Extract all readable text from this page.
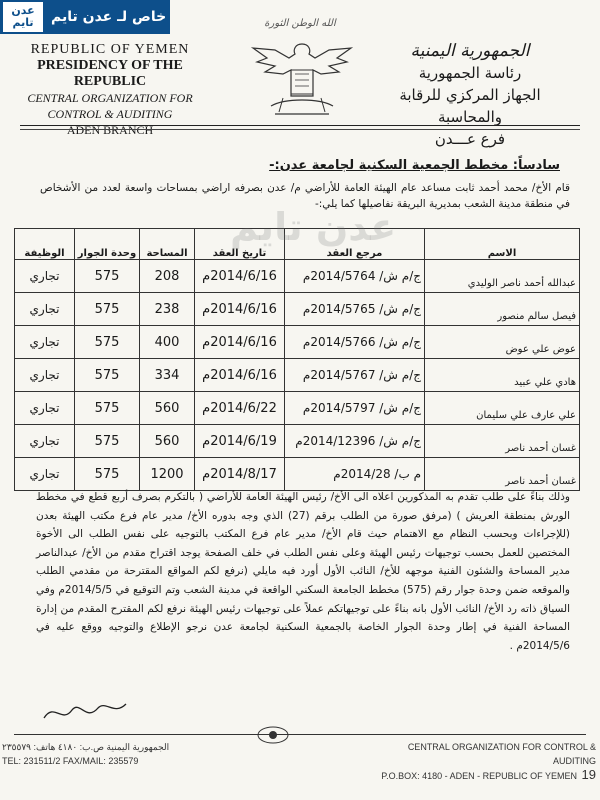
عدن
تايم خاص لـ عدن تايم	الله الوطن الثورة
REPUBLIC OF YEMEN
PRESIDENCY OF THE REPUBLIC
CENTRAL ORGANIZATION FOR
CONTROL & AUDITING
ADEN BRANCH
الجمهورية اليمنية
رئاسة الجمهورية
الجهاز المركزي للرقابة والمحاسبة
فرع عـــدن
سادساً: مخطط الجمعية السكنية لجامعة عدن:-
قام الأخ/ محمد أحمد ثابت مساعد عام الهيئة العامة للأراضي م/ عدن بصرفه اراضي بمساحات واسعة لعدد من الأشخاص في منطقة مدينة الشعب بمديرية البريقة نفاصيلها كما يلي:-
الاسم	مرجع العقد	تاريخ العقد	المساحة	وحدة الجوار	الوظيفة
عبدالله أحمد ناصر الوليدي	ج/م ش/ 2014/5764م	2014/6/16م	208	575	تجاري
فيصل سالم منصور	ج/م ش/ 2014/5765م	2014/6/16م	238	575	تجاري
عوض علي عوض	ج/م ش/ 2014/5766م	2014/6/16م	400	575	تجاري
هادي علي عبيد	ج/م ش/ 2014/5767م	2014/6/16م	334	575	تجاري
علي عارف علي سليمان	ج/م ش/ 2014/5797م	2014/6/22م	560	575	تجاري
غسان أحمد ناصر	ج/م ش/ 2014/12396م	2014/6/19م	560	575	تجاري
غسان أحمد ناصر	م ب/ 2014/28م	2014/8/17م	1200	575	تجاري
عدن تايم
وذلك بناءً على طلب تقدم به المذكورين اعلاه الى الأخ/ رئيس الهيئة العامة للأراضي ( بالتكرم بصرف أربع قطع في مخطط الورش بمنطقة العريش ) (مرفق صورة من الطلب برقم (27) الذي وجه بدوره الأخ/ مدير عام فرع مكتب الهيئة بعدن (للإجراءات وبحسب النظام مع الاهتمام حيث قام الأخ/ مدير عام فرع المكتب بالتوجيه على نفس الطلب الى الأخوة المختصين للعمل بحسب توجيهات رئيس الهيئة وعلى نفس الطلب في خلف الصفحة يوجد اقتراح مقدم من الأخ/ عبدالناصر مدير المساحة والشئون الفنية موجهه للأخ/ النائب الأول أورد فيه مايلي (نرفع لكم المواقع المقترحة من مقدمي الطلب والموقعه ضمن وحدة جوار رقم (575) مخطط الجامعة السكني الواقعة في مدينة الشعب وتم التوقيع في 2014/5/5م وفي السياق ذاته رد الأخ/ النائب الأول بانه بناءً على توجيهاتكم عملاً على توجيهات رئيس الهيئة نرفع لكم المقترح المقدم من إدارة المساحة الفنية في إطار وحدة الجوار الخاصة بالجمعية السكنية لجامعة عدن نرجو الإطلاع والتوجيه ووقع عليه في 2014/5/6م .
الجمهورية اليمنية ص.ب: ٤١٨٠ هاتف: ٢٣٥٥٧٩
TEL: 231511/2 FAX/MAIL: 235579
CENTRAL ORGANIZATION FOR CONTROL & AUDITING
P.O.BOX: 4180 - ADEN - REPUBLIC OF YEMEN 19
